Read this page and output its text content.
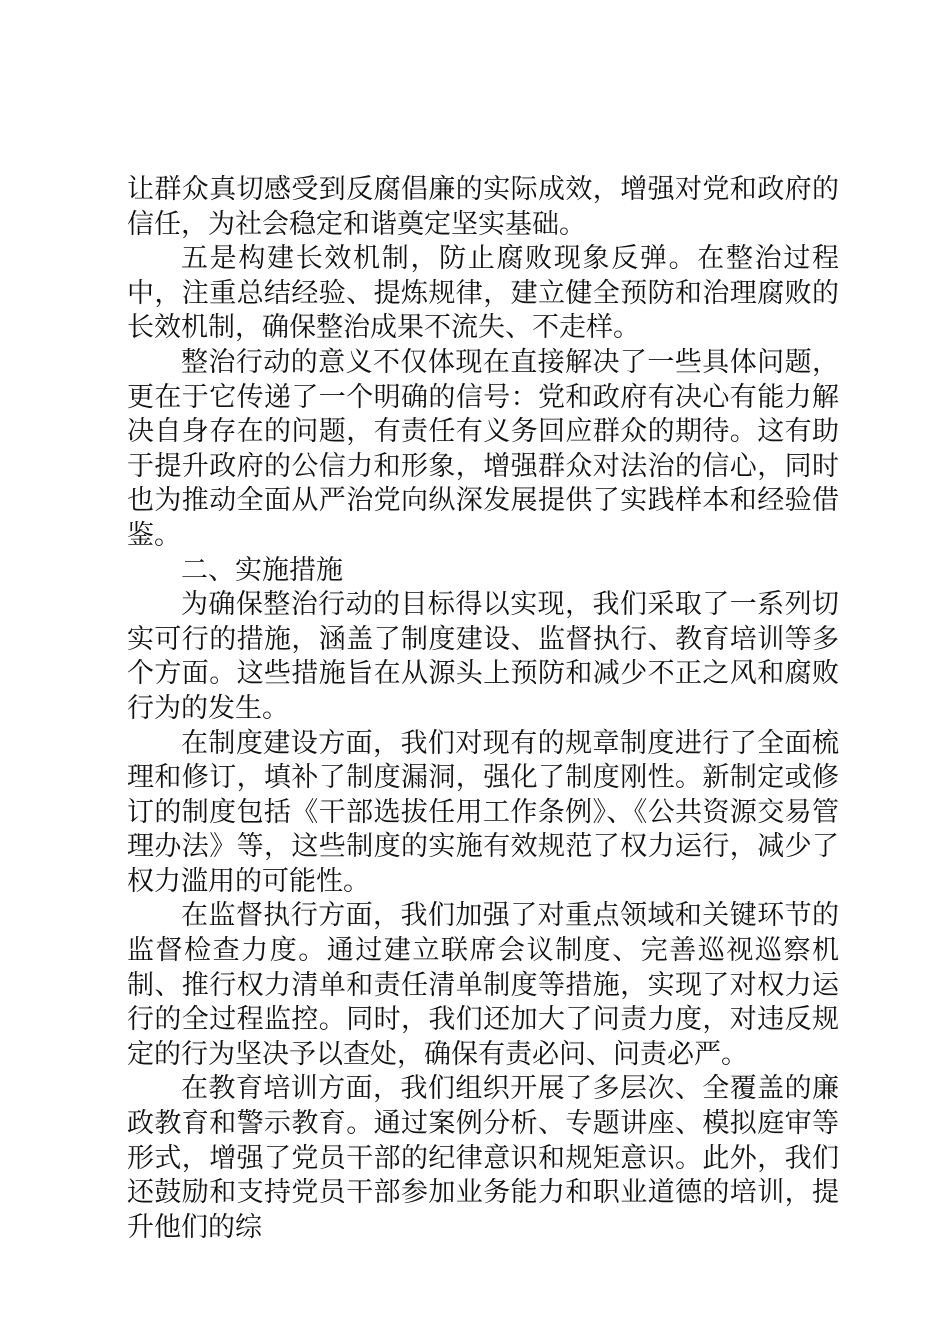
让群众真切感受到反腐倡廉的实际成效，增强对党和政府的信任，为社会稳定和谐奠定坚实基础。

五是构建长效机制，防止腐败现象反弹。在整治过程中，注重总结经验、提炼规律，建立健全预防和治理腐败的长效机制，确保整治成果不流失、不走样。

整治行动的意义不仅体现在直接解决了一些具体问题，更在于它传递了一个明确的信号：党和政府有决心有能力解决自身存在的问题，有责任有义务回应群众的期待。这有助于提升政府的公信力和形象，增强群众对法治的信心，同时也为推动全面从严治党向纵深发展提供了实践样本和经验借鉴。

二、实施措施

为确保整治行动的目标得以实现，我们采取了一系列切实可行的措施，涵盖了制度建设、监督执行、教育培训等多个方面。这些措施旨在从源头上预防和减少不正之风和腐败行为的发生。

在制度建设方面，我们对现有的规章制度进行了全面梳理和修订，填补了制度漏洞，强化了制度刚性。新制定或修订的制度包括《干部选拔任用工作条例》、《公共资源交易管理办法》等，这些制度的实施有效规范了权力运行，减少了权力滥用的可能性。

在监督执行方面，我们加强了对重点领域和关键环节的监督检查力度。通过建立联席会议制度、完善巡视巡察机制、推行权力清单和责任清单制度等措施，实现了对权力运行的全过程监控。同时，我们还加大了问责力度，对违反规定的行为坚决予以查处，确保有责必问、问责必严。

在教育培训方面，我们组织开展了多层次、全覆盖的廉政教育和警示教育。通过案例分析、专题讲座、模拟庭审等形式，增强了党员干部的纪律意识和规矩意识。此外，我们还鼓励和支持党员干部参加业务能力和职业道德的培训，提升他们的综
